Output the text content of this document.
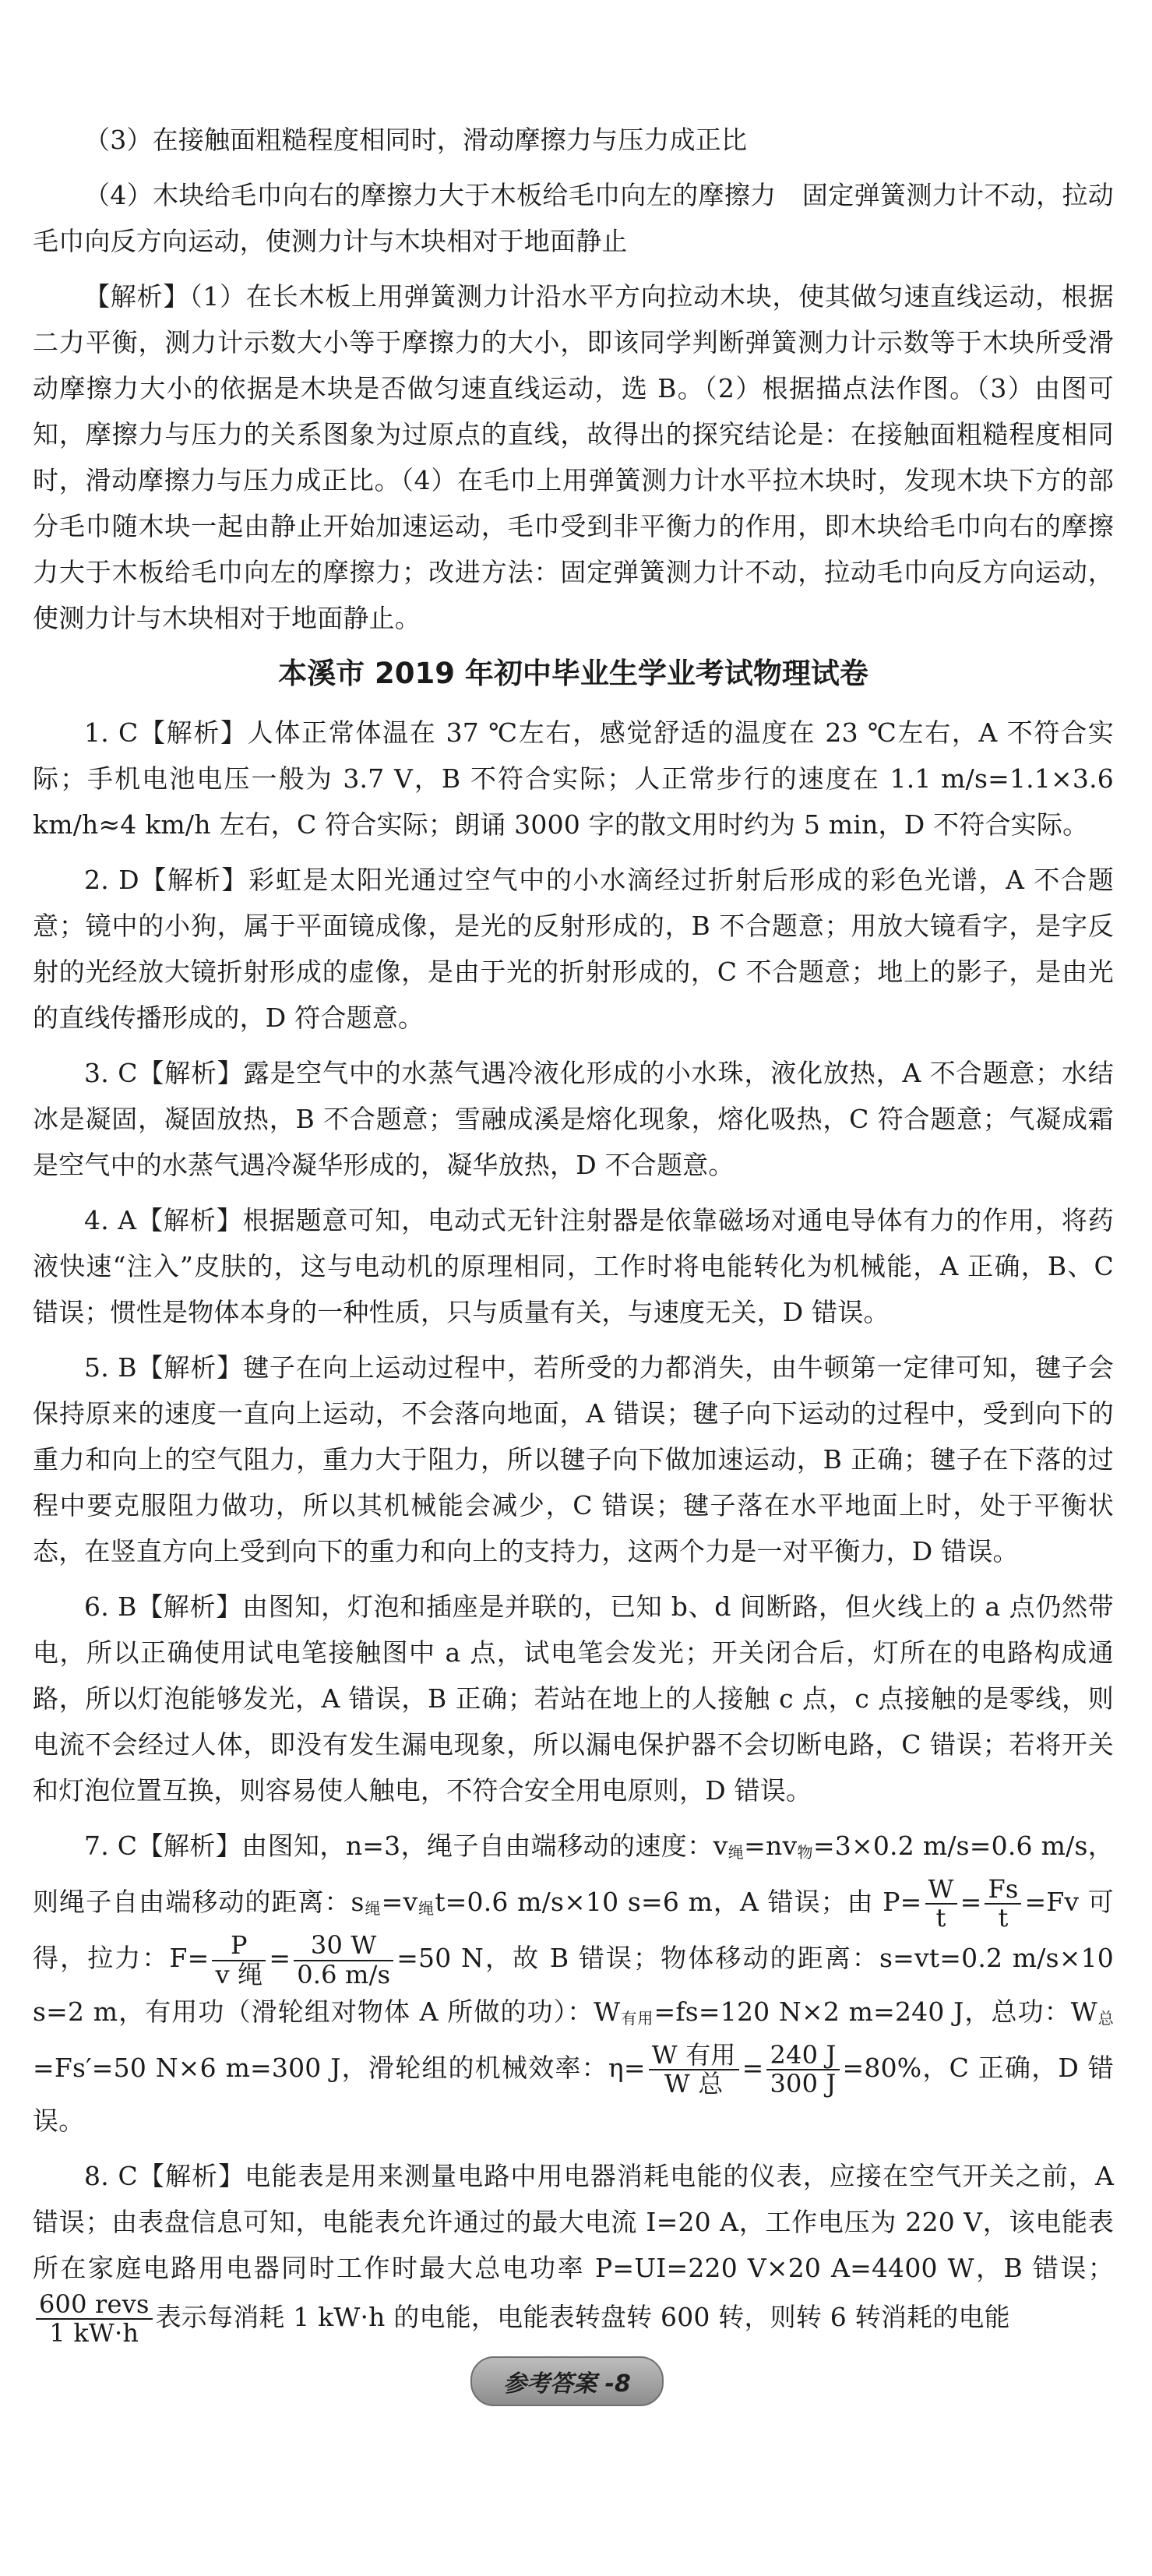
（3）在接触面粗糙程度相同时，滑动摩擦力与压力成正比

（4）木块给毛巾向右的摩擦力大于木板给毛巾向左的摩擦力　固定弹簧测力计不动，拉动毛巾向反方向运动，使测力计与木块相对于地面静止

【解析】（1）在长木板上用弹簧测力计沿水平方向拉动木块，使其做匀速直线运动，根据二力平衡，测力计示数大小等于摩擦力的大小，即该同学判断弹簧测力计示数等于木块所受滑动摩擦力大小的依据是木块是否做匀速直线运动，选 B。（2）根据描点法作图。（3）由图可知，摩擦力与压力的关系图象为过原点的直线，故得出的探究结论是：在接触面粗糙程度相同时，滑动摩擦力与压力成正比。（4）在毛巾上用弹簧测力计水平拉木块时，发现木块下方的部分毛巾随木块一起由静止开始加速运动，毛巾受到非平衡力的作用，即木块给毛巾向右的摩擦力大于木板给毛巾向左的摩擦力；改进方法：固定弹簧测力计不动，拉动毛巾向反方向运动，使测力计与木块相对于地面静止。

本溪市 2019 年初中毕业生学业考试物理试卷

1. C【解析】人体正常体温在 37 ℃左右，感觉舒适的温度在 23 ℃左右，A 不符合实际；手机电池电压一般为 3.7 V，B 不符合实际；人正常步行的速度在 1.1 m/s=1.1×3.6 km/h≈4 km/h 左右，C 符合实际；朗诵 3000 字的散文用时约为 5 min，D 不符合实际。

2. D【解析】彩虹是太阳光通过空气中的小水滴经过折射后形成的彩色光谱，A 不合题意；镜中的小狗，属于平面镜成像，是光的反射形成的，B 不合题意；用放大镜看字，是字反射的光经放大镜折射形成的虚像，是由于光的折射形成的，C 不合题意；地上的影子，是由光的直线传播形成的，D 符合题意。

3. C【解析】露是空气中的水蒸气遇冷液化形成的小水珠，液化放热，A 不合题意；水结冰是凝固，凝固放热，B 不合题意；雪融成溪是熔化现象，熔化吸热，C 符合题意；气凝成霜是空气中的水蒸气遇冷凝华形成的，凝华放热，D 不合题意。

4. A【解析】根据题意可知，电动式无针注射器是依靠磁场对通电导体有力的作用，将药液快速“注入”皮肤的，这与电动机的原理相同，工作时将电能转化为机械能，A 正确，B、C 错误；惯性是物体本身的一种性质，只与质量有关，与速度无关，D 错误。

5. B【解析】毽子在向上运动过程中，若所受的力都消失，由牛顿第一定律可知，毽子会保持原来的速度一直向上运动，不会落向地面，A 错误；毽子向下运动的过程中，受到向下的重力和向上的空气阻力，重力大于阻力，所以毽子向下做加速运动，B 正确；毽子在下落的过程中要克服阻力做功，所以其机械能会减少，C 错误；毽子落在水平地面上时，处于平衡状态，在竖直方向上受到向下的重力和向上的支持力，这两个力是一对平衡力，D 错误。

6. B【解析】由图知，灯泡和插座是并联的，已知 b、d 间断路，但火线上的 a 点仍然带电，所以正确使用试电笔接触图中 a 点，试电笔会发光；开关闭合后，灯所在的电路构成通路，所以灯泡能够发光，A 错误，B 正确；若站在地上的人接触 c 点，c 点接触的是零线，则电流不会经过人体，即没有发生漏电现象，所以漏电保护器不会切断电路，C 错误；若将开关和灯泡位置互换，则容易使人触电，不符合安全用电原则，D 错误。

7. C【解析】由图知，n=3，绳子自由端移动的速度：$v_绳=nv_物=3\times 0.2$ m/s=0.6 m/s，则绳子自由端移动的距离：$s_绳=v_绳t=0.6$ m/s×10 s=6 m，A 错误；由 $P= \frac{W}{t} = \frac{Fs}{t} =Fv$ 可得，拉力：$F= \frac{P}{\text{v 绳}} = \frac{30 W}{0.6 m/s} =50$ N，故 B 错误；物体移动的距离：s=vt=0.2 m/s×10 s=2 m，有用功（滑轮组对物体 A 所做的功）：$W_{有用}=fs=120$ N×2 m=240 J，总功：$W_总=Fs'=50$ N×6 m=300 J，滑轮组的机械效率：$\eta= \frac{\text{W 有用}}{\text{W 总}} = \frac{240 J}{300 J} =80\%$，C 正确，D 错误。

8. C【解析】电能表是用来测量电路中用电器消耗电能的仪表，应接在空气开关之前，A 错误；由表盘信息可知，电能表允许通过的最大电流 I=20 A，工作电压为 220 V，该电能表所在家庭电路用电器同时工作时最大总电功率 P=UI=220 V×20 A=4400 W，B 错误；
$\frac{\text{600 revs}}{1 kW\cdot h}$ 表示每消耗 1 kW·h 的电能，电能表转盘转 600 转，则转 6 转消耗的电能

参考答案 -8
